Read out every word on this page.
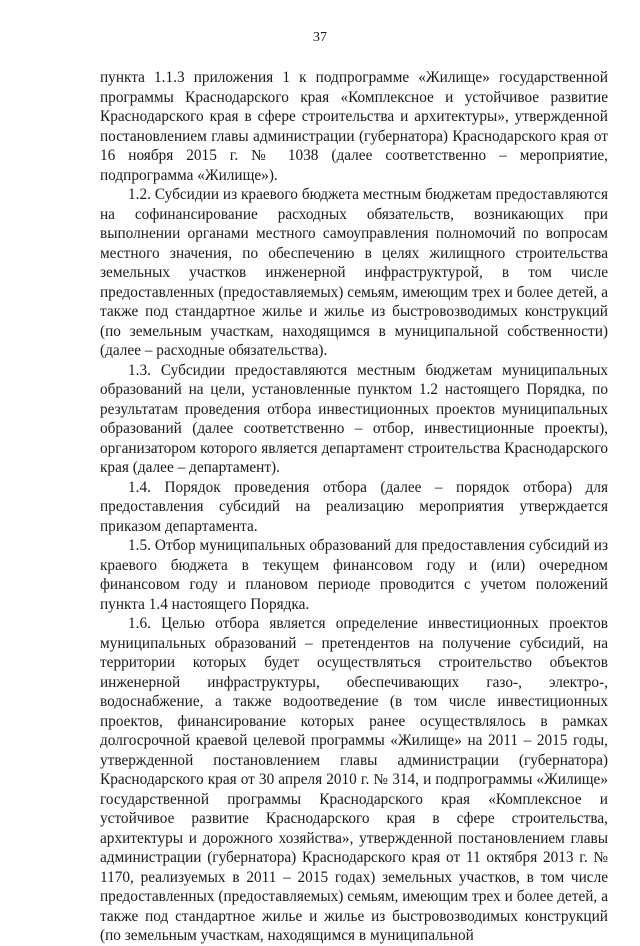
37

пункта 1.1.3 приложения 1 к подпрограмме «Жилище» государственной программы Краснодарского края «Комплексное и устойчивое развитие Краснодарского края в сфере строительства и архитектуры», утвержденной постановлением главы администрации (губернатора) Краснодарского края от 16 ноября 2015 г. № 1038 (далее соответственно – мероприятие, подпрограмма «Жилище»).

1.2. Субсидии из краевого бюджета местным бюджетам предоставляются на софинансирование расходных обязательств, возникающих при выполнении органами местного самоуправления полномочий по вопросам местного значения, по обеспечению в целях жилищного строительства земельных участков инженерной инфраструктурой, в том числе предоставленных (предоставляемых) семьям, имеющим трех и более детей, а также под стандартное жилье и жилье из быстровозводимых конструкций (по земельным участкам, находящимся в муниципальной собственности) (далее – расходные обязательства).

1.3. Субсидии предоставляются местным бюджетам муниципальных образований на цели, установленные пунктом 1.2 настоящего Порядка, по результатам проведения отбора инвестиционных проектов муниципальных образований (далее соответственно – отбор, инвестиционные проекты), организатором которого является департамент строительства Краснодарского края (далее – департамент).

1.4. Порядок проведения отбора (далее – порядок отбора) для предоставления субсидий на реализацию мероприятия утверждается приказом департамента.

1.5. Отбор муниципальных образований для предоставления субсидий из краевого бюджета в текущем финансовом году и (или) очередном финансовом году и плановом периоде проводится с учетом положений пункта 1.4 настоящего Порядка.

1.6. Целью отбора является определение инвестиционных проектов муниципальных образований – претендентов на получение субсидий, на территории которых будет осуществляться строительство объектов инженерной инфраструктуры, обеспечивающих газо-, электро-, водоснабжение, а также водоотведение (в том числе инвестиционных проектов, финансирование которых ранее осуществлялось в рамках долгосрочной краевой целевой программы «Жилище» на 2011 – 2015 годы, утвержденной постановлением главы администрации (губернатора) Краснодарского края от 30 апреля 2010 г. № 314, и подпрограммы «Жилище» государственной программы Краснодарского края «Комплексное и устойчивое развитие Краснодарского края в сфере строительства, архитектуры и дорожного хозяйства», утвержденной постановлением главы администрации (губернатора) Краснодарского края от 11 октября 2013 г. № 1170, реализуемых в 2011 – 2015 годах) земельных участков, в том числе предоставленных (предоставляемых) семьям, имеющим трех и более детей, а также под стандартное жилье и жилье из быстровозводимых конструкций (по земельным участкам, находящимся в муниципальной
